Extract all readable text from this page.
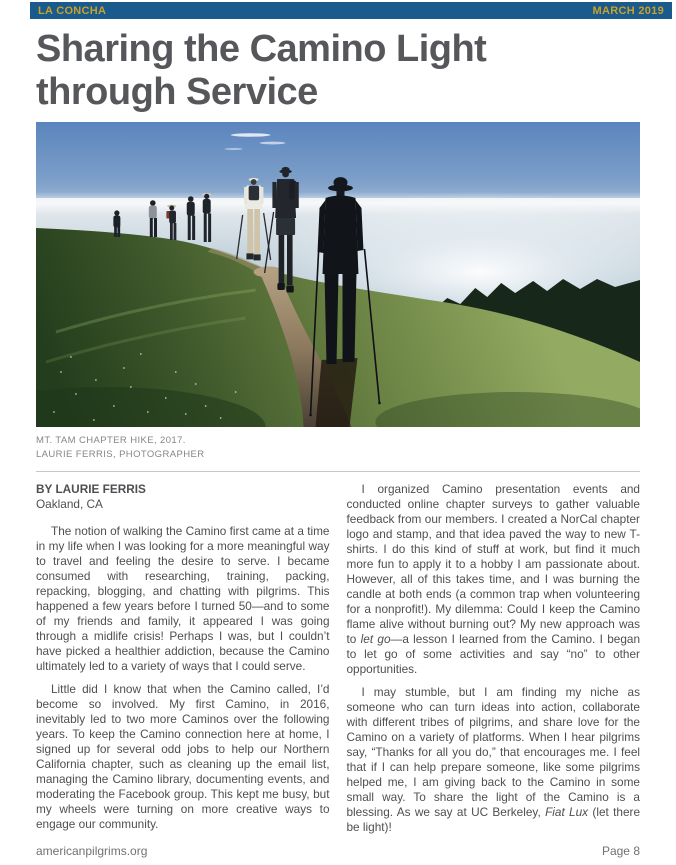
LA CONCHA	MARCH 2019
Sharing the Camino Light through Service
MT. TAM CHAPTER HIKE, 2017.
LAURIE FERRIS, PHOTOGRAPHER
BY LAURIE FERRIS
Oakland, CA

The notion of walking the Camino first came at a time in my life when I was looking for a more meaningful way to travel and feeling the desire to serve. I became consumed with researching, training, packing, repacking, blogging, and chatting with pilgrims. This happened a few years before I turned 50—and to some of my friends and family, it appeared I was going through a midlife crisis! Perhaps I was, but I couldn’t have picked a healthier addiction, because the Camino ultimately led to a variety of ways that I could serve.

Little did I know that when the Camino called, I’d become so involved. My first Camino, in 2016, inevitably led to two more Caminos over the following years. To keep the Camino connection here at home, I signed up for several odd jobs to help our Northern California chapter, such as cleaning up the email list, managing the Camino library, documenting events, and moderating the Facebook group. This kept me busy, but my wheels were turning on more creative ways to engage our community.

I organized Camino presentation events and conducted online chapter surveys to gather valuable feedback from our members. I created a NorCal chapter logo and stamp, and that idea paved the way to new T-shirts. I do this kind of stuff at work, but find it much more fun to apply it to a hobby I am passionate about. However, all of this takes time, and I was burning the candle at both ends (a common trap when volunteering for a nonprofit!). My dilemma: Could I keep the Camino flame alive without burning out? My new approach was to let go—a lesson I learned from the Camino. I began to let go of some activities and say “no” to other opportunities.

I may stumble, but I am finding my niche as someone who can turn ideas into action, collaborate with different tribes of pilgrims, and share love for the Camino on a variety of platforms. When I hear pilgrims say, “Thanks for all you do,” that encourages me. I feel that if I can help prepare someone, like some pilgrims helped me, I am giving back to the Camino in some small way. To share the light of the Camino is a blessing. As we say at UC Berkeley, Fiat Lux (let there be light)!

americanpilgrims.org	Page 8
